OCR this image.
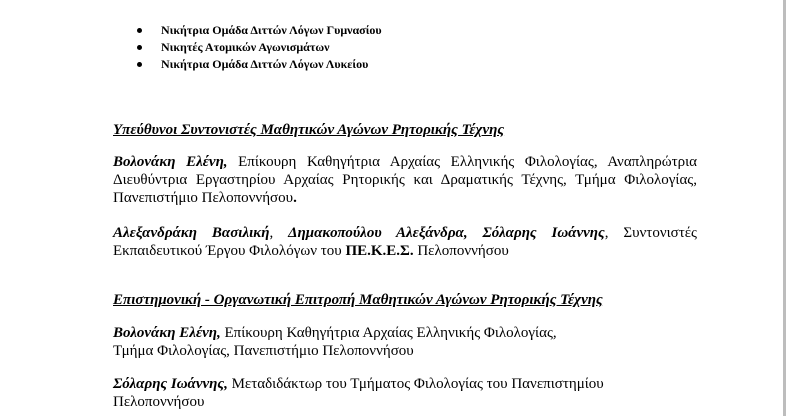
Νικήτρια Ομάδα Διττών Λόγων Γυμνασίου
Νικητές Ατομικών Αγωνισμάτων
Νικήτρια Ομάδα Διττών Λόγων Λυκείου
Υπεύθυνοι Συντονιστές Μαθητικών Αγώνων Ρητορικής Τέχνης
Βολονάκη Ελένη, Επίκουρη Καθηγήτρια Αρχαίας Ελληνικής Φιλολογίας, Αναπληρώτρια Διευθύντρια Εργαστηρίου Αρχαίας Ρητορικής και Δραματικής Τέχνης, Τμήμα Φιλολογίας, Πανεπιστήμιο Πελοποννήσου.
Αλεξανδράκη Βασιλική, Δημακοπούλου Αλεξάνδρα, Σόλαρης Ιωάννης, Συντονιστές Εκπαιδευτικού Έργου Φιλολόγων του ΠΕ.Κ.Ε.Σ. Πελοποννήσου
Επιστημονική - Οργανωτική Επιτροπή Μαθητικών Αγώνων Ρητορικής Τέχνης
Βολονάκη Ελένη, Επίκουρη Καθηγήτρια Αρχαίας Ελληνικής Φιλολογίας,
Τμήμα Φιλολογίας, Πανεπιστήμιο Πελοποννήσου
Σόλαρης Ιωάννης, Μεταδιδάκτωρ του Τμήματος Φιλολογίας του Πανεπιστημίου
Πελοποννήσου
